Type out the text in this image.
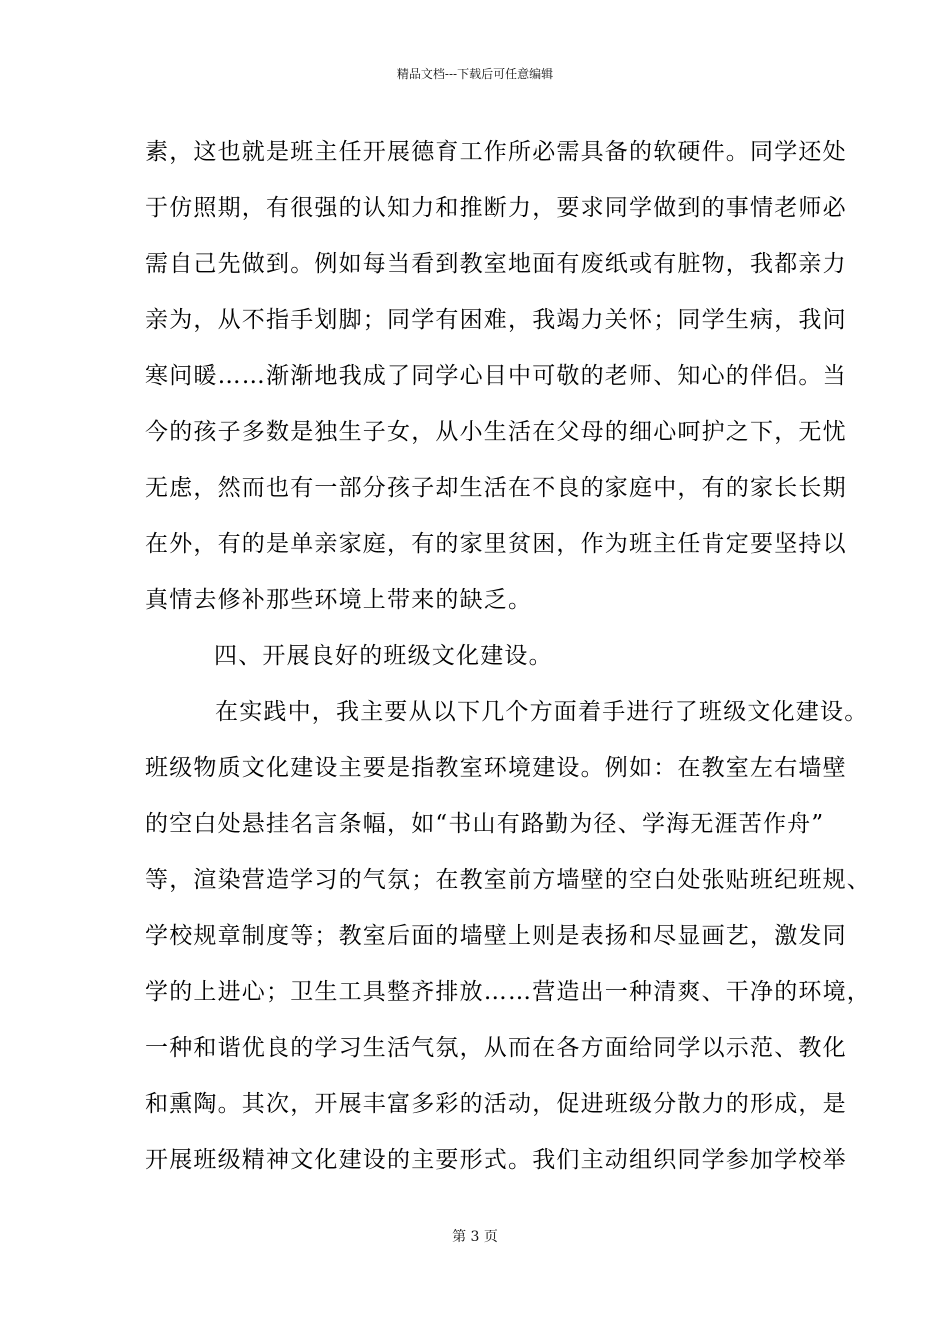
精品文档---下载后可任意编辑
素，这也就是班主任开展德育工作所必需具备的软硬件。同学还处
于仿照期，有很强的认知力和推断力，要求同学做到的事情老师必
需自己先做到。例如每当看到教室地面有废纸或有脏物，我都亲力
亲为，从不指手划脚；同学有困难，我竭力关怀；同学生病，我问
寒问暖……渐渐地我成了同学心目中可敬的老师、知心的伴侣。当
今的孩子多数是独生子女，从小生活在父母的细心呵护之下，无忧
无虑，然而也有一部分孩子却生活在不良的家庭中，有的家长长期
在外，有的是单亲家庭，有的家里贫困，作为班主任肯定要坚持以
真情去修补那些环境上带来的缺乏。
四、开展良好的班级文化建设。
在实践中，我主要从以下几个方面着手进行了班级文化建设。
班级物质文化建设主要是指教室环境建设。例如：在教室左右墙壁
的空白处悬挂名言条幅，如“书山有路勤为径、学海无涯苦作舟”
等，渲染营造学习的气氛；在教室前方墙壁的空白处张贴班纪班规、
学校规章制度等；教室后面的墙壁上则是表扬和尽显画艺，激发同
学的上进心；卫生工具整齐排放……营造出一种清爽、干净的环境，
一种和谐优良的学习生活气氛，从而在各方面给同学以示范、教化
和熏陶。其次，开展丰富多彩的活动，促进班级分散力的形成，是
开展班级精神文化建设的主要形式。我们主动组织同学参加学校举
第 3 页
